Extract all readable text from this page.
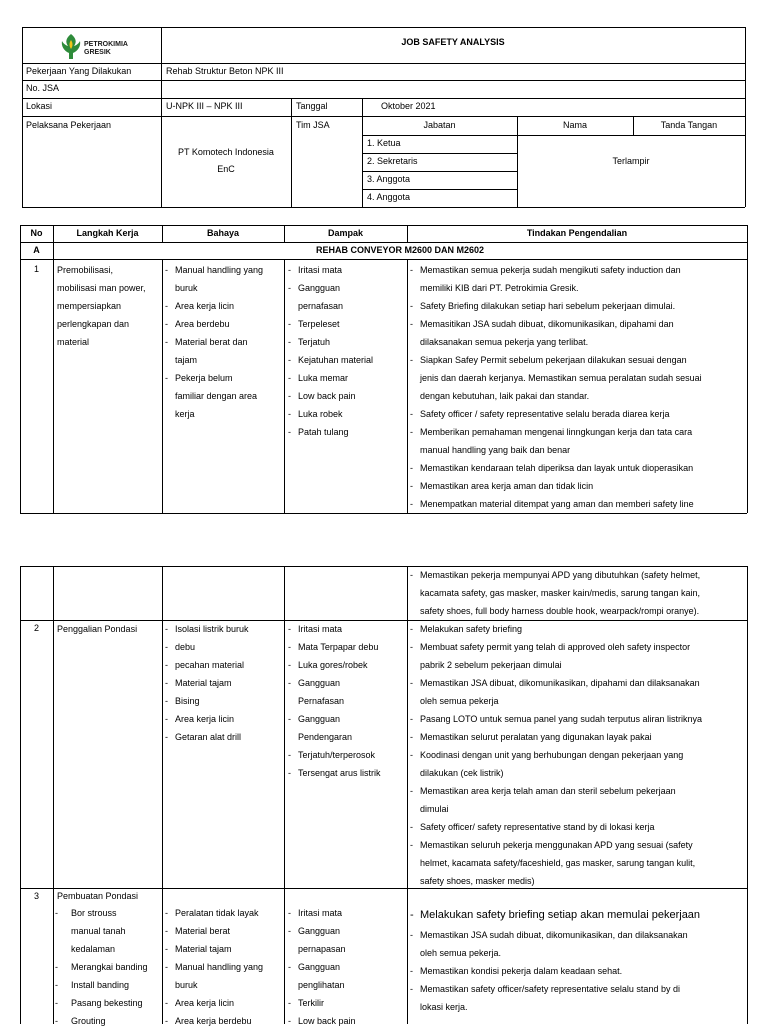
PETROKIMIA
GRESIK
JOB SAFETY ANALYSIS
Pekerjaan Yang Dilakukan	Rehab Struktur Beton NPK III
No. JSA
Lokasi	U-NPK III – NPK III	Tanggal	Oktober 2021
Pelaksana Pekerjaan
PT Komotech Indonesia
EnC
Tim JSA	Jabatan	Nama	Tanda Tangan
1. Ketua
2. Sekretaris
3. Anggota
4. Anggota
Terlampir
No	Langkah Kerja	Bahaya	Dampak	Tindakan Pengendalian
A	REHAB CONVEYOR M2600 DAN M2602
1	Premobilisasi,
mobilisasi man power,
mempersiapkan
perlengkapan dan
material
- Manual handling yang
buruk
- Area kerja licin
- Area berdebu
- Material berat dan
tajam
- Pekerja belum
familiar dengan area
kerja
- Iritasi mata
- Gangguan
pernafasan
- Terpeleset
- Terjatuh
- Kejatuhan material
- Luka memar
- Low back pain
- Luka robek
- Patah tulang
- Memastikan semua pekerja sudah mengikuti safety induction dan
memiliki KIB dari PT. Petrokimia Gresik.
- Safety Briefing dilakukan setiap hari sebelum pekerjaan dimulai.
- Memasitikan JSA sudah dibuat, dikomunikasikan, dipahami dan
dilaksanakan semua pekerja yang terlibat.
- Siapkan Safey Permit sebelum pekerjaan dilakukan sesuai dengan
jenis dan daerah kerjanya. Memastikan semua peralatan sudah sesuai
dengan kebutuhan, laik pakai dan standar.
- Safety officer / safety representative selalu berada diarea kerja
- Memberikan pemahaman mengenai linngkungan kerja dan tata cara
manual handling yang baik dan benar
- Memastikan kendaraan telah diperiksa dan layak untuk dioperasikan
- Memastikan area kerja aman dan tidak licin
- Menempatkan material ditempat yang aman dan memberi safety line
- Memastikan pekerja mempunyai APD yang dibutuhkan (safety helmet,
kacamata safety, gas masker, masker kain/medis, sarung tangan kain,
safety shoes, full body harness double hook, wearpack/rompi oranye).
2	Penggalian Pondasi
-	Isolasi listrik buruk
- debu
- pecahan material
- Material tajam
- Bising
- Area kerja licin
- Getaran alat drill
- Iritasi mata
- Mata Terpapar debu
- Luka gores/robek
- Gangguan
Pernafasan
- Gangguan
Pendengaran
- Terjatuh/terperosok
- Tersengat arus listrik
- Melakukan safety briefing
- Membuat safety permit yang telah di approved oleh safety inspector
pabrik 2 sebelum pekerjaan dimulai
- Memastikan JSA dibuat, dikomunikasikan, dipahami dan dilaksanakan
oleh semua pekerja
- Pasang LOTO untuk semua panel yang sudah terputus aliran listriknya
- Memastikan selurut peralatan yang digunakan layak pakai
- Koodinasi dengan unit yang berhubungan dengan pekerjaan yang
dilakukan (cek listrik)
- Memastikan area kerja telah aman dan steril sebelum pekerjaan
dimulai
- Safety officer/ safety representative stand by di lokasi kerja
- Memastikan seluruh pekerja menggunakan APD yang sesuai (safety
helmet, kacamata safety/faceshield, gas masker, sarung tangan kulit,
safety shoes, masker medis)
3	Pembuatan Pondasi
- Bor strouss
manual tanah
kedalaman
- Merangkai banding
- Install banding
- Pasang bekesting
- Grouting
- Peralatan tidak layak
- Material berat
- Material tajam
- Manual handling yang
buruk
- Area kerja licin
- Area kerja berdebu
- Iritasi mata
- Gangguan
pernapasan
- Gangguan
penglihatan
- Terkilir
- Low back pain
- Melakukan safety briefing setiap akan memulai pekerjaan
- Memastikan JSA sudah dibuat, dikomunikasikan, dan dilaksanakan
oleh semua pekerja.
- Memastikan kondisi pekerja dalam keadaan sehat.
- Memastikan safety officer/safety representative selalu stand by di
lokasi kerja.
